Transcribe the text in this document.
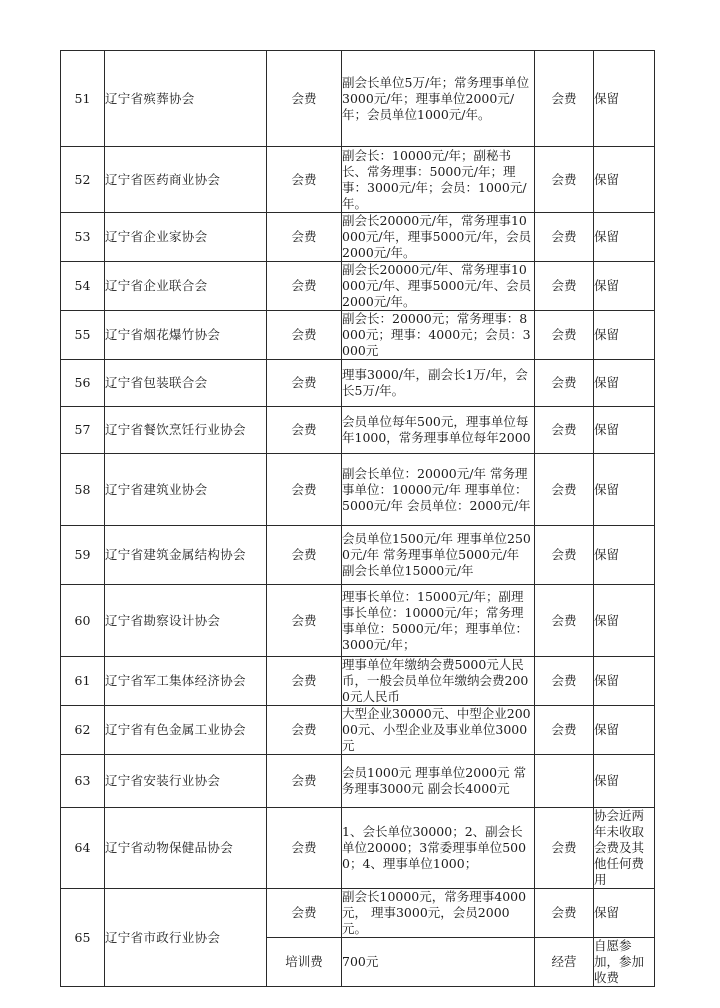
51	辽宁省殡葬协会	会费	副会长单位5万/年；常务理事单位3000元/年；理事单位2000元/年；会员单位1000元/年。	会费	保留
52	辽宁省医药商业协会	会费	副会长：10000元/年；副秘书长、常务理事：5000元/年；理事：3000元/年；会员：1000元/年。	会费	保留
53	辽宁省企业家协会	会费	副会长20000元/年，常务理事10000元/年，理事5000元/年，会员2000元/年。	会费	保留
54	辽宁省企业联合会	会费	副会长20000元/年、常务理事10000元/年、理事5000元/年、会员2000元/年。	会费	保留
55	辽宁省烟花爆竹协会	会费	副会长：20000元；常务理事：8000元；理事：4000元；会员：3000元	会费	保留
56	辽宁省包装联合会	会费	理事3000/年，副会长1万/年，会长5万/年。	会费	保留
57	辽宁省餐饮烹饪行业协会	会费	会员单位每年500元，理事单位每年1000，常务理事单位每年2000	会费	保留
58	辽宁省建筑业协会	会费	副会长单位：20000元/年 常务理事单位：10000元/年 理事单位：5000元/年 会员单位：2000元/年	会费	保留
59	辽宁省建筑金属结构协会	会费	会员单位1500元/年 理事单位2500元/年 常务理事单位5000元/年 副会长单位15000元/年	会费	保留
60	辽宁省勘察设计协会	会费	理事长单位：15000元/年；副理事长单位：10000元/年；常务理事单位：5000元/年；理事单位：3000元/年；	会费	保留
61	辽宁省军工集体经济协会	会费	理事单位年缴纳会费5000元人民币，一般会员单位年缴纳会费2000元人民币	会费	保留
62	辽宁省有色金属工业协会	会费	大型企业30000元、中型企业20000元、小型企业及事业单位3000元	会费	保留
63	辽宁省安装行业协会	会费	会员1000元 理事单位2000元 常务理事3000元 副会长4000元		保留
64	辽宁省动物保健品协会	会费	1、会长单位30000；2、副会长单位20000；3常委理事单位5000；4、理事单位1000；	会费	协会近两年未收取会费及其他任何费用
65	辽宁省市政行业协会	会费	副会长10000元，常务理事4000元， 理事3000元，会员2000元。	会费	保留
		培训费	700元	经营	自愿参加，参加收费
